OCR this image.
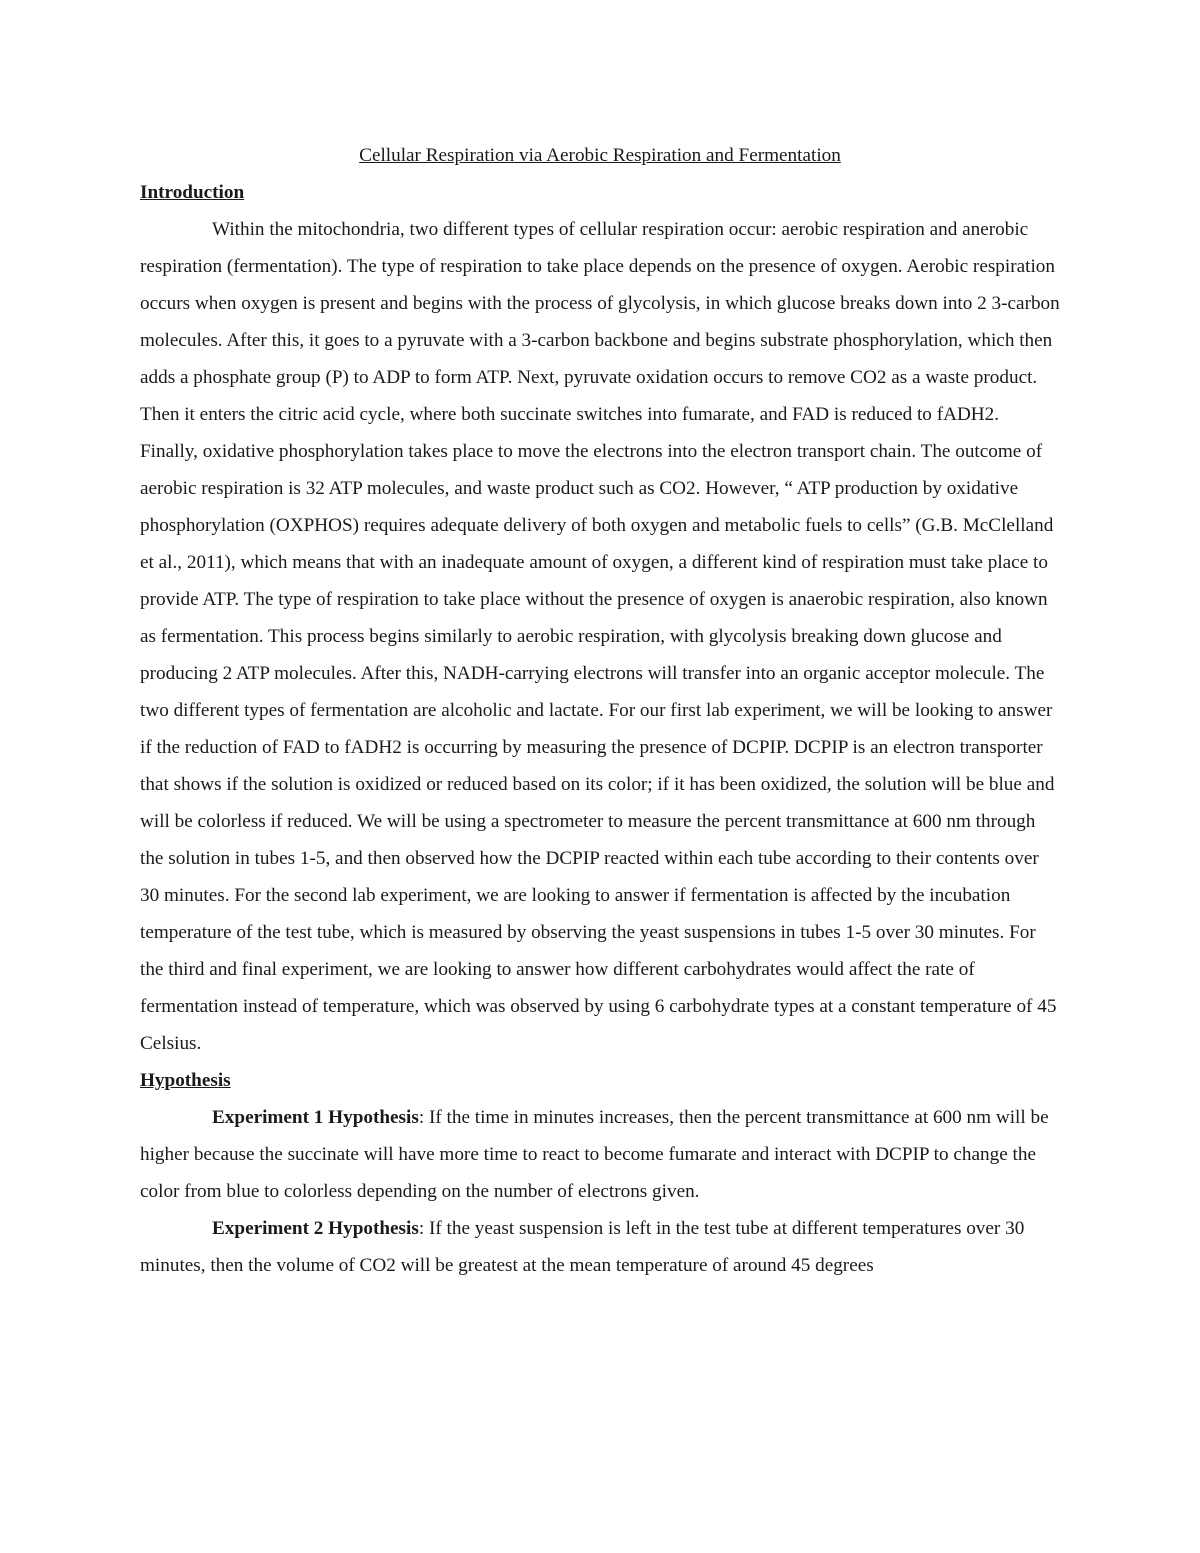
Cellular Respiration via Aerobic Respiration and Fermentation

Introduction

Within the mitochondria, two different types of cellular respiration occur: aerobic respiration and anerobic respiration (fermentation). The type of respiration to take place depends on the presence of oxygen. Aerobic respiration occurs when oxygen is present and begins with the process of glycolysis, in which glucose breaks down into 2 3-carbon molecules. After this, it goes to a pyruvate with a 3-carbon backbone and begins substrate phosphorylation, which then adds a phosphate group (P) to ADP to form ATP. Next, pyruvate oxidation occurs to remove CO2 as a waste product. Then it enters the citric acid cycle, where both succinate switches into fumarate, and FAD is reduced to fADH2. Finally, oxidative phosphorylation takes place to move the electrons into the electron transport chain. The outcome of aerobic respiration is 32 ATP molecules, and waste product such as CO2. However, “ ATP production by oxidative phosphorylation (OXPHOS) requires adequate delivery of both oxygen and metabolic fuels to cells” (G.B. McClelland et al., 2011), which means that with an inadequate amount of oxygen, a different kind of respiration must take place to provide ATP. The type of respiration to take place without the presence of oxygen is anaerobic respiration, also known as fermentation. This process begins similarly to aerobic respiration, with glycolysis breaking down glucose and producing 2 ATP molecules. After this, NADH-carrying electrons will transfer into an organic acceptor molecule. The two different types of fermentation are alcoholic and lactate. For our first lab experiment, we will be looking to answer if the reduction of FAD to fADH2 is occurring by measuring the presence of DCPIP. DCPIP is an electron transporter that shows if the solution is oxidized or reduced based on its color; if it has been oxidized, the solution will be blue and will be colorless if reduced. We will be using a spectrometer to measure the percent transmittance at 600 nm through the solution in tubes 1-5, and then observed how the DCPIP reacted within each tube according to their contents over 30 minutes. For the second lab experiment, we are looking to answer if fermentation is affected by the incubation temperature of the test tube, which is measured by observing the yeast suspensions in tubes 1-5 over 30 minutes. For the third and final experiment, we are looking to answer how different carbohydrates would affect the rate of fermentation instead of temperature, which was observed by using 6 carbohydrate types at a constant temperature of 45 Celsius.

Hypothesis

Experiment 1 Hypothesis: If the time in minutes increases, then the percent transmittance at 600 nm will be higher because the succinate will have more time to react to become fumarate and interact with DCPIP to change the color from blue to colorless depending on the number of electrons given.

Experiment 2 Hypothesis: If the yeast suspension is left in the test tube at different temperatures over 30 minutes, then the volume of CO2 will be greatest at the mean temperature of around 45 degrees
